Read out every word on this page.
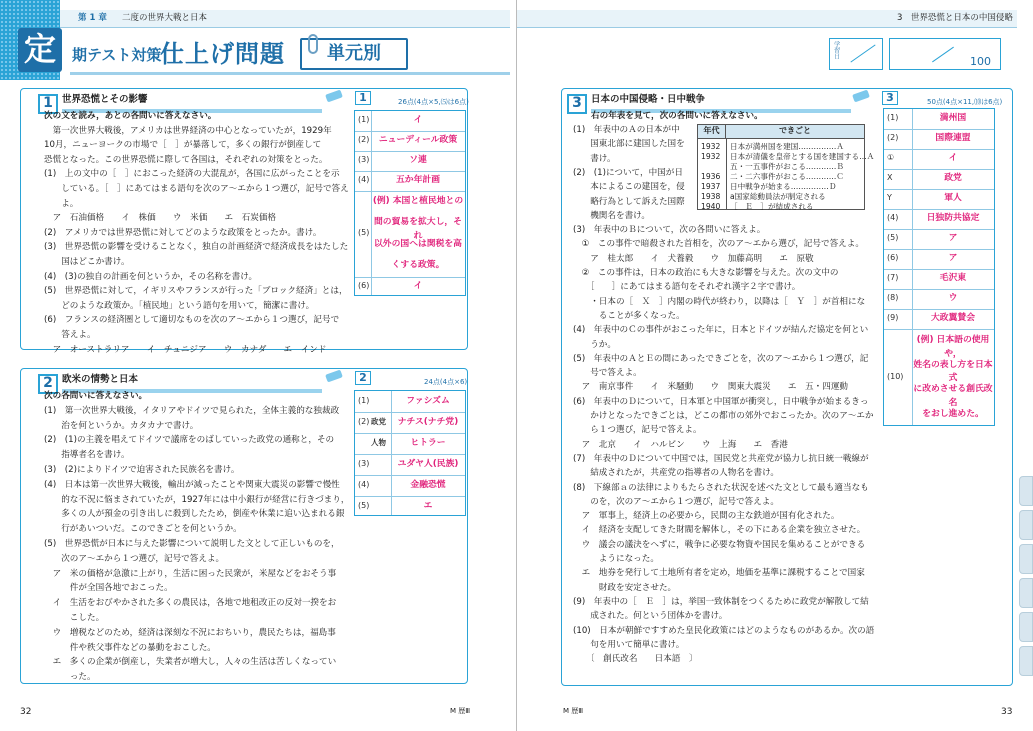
第 1 章 二度の世界大戦と日本
定	期テスト対策
仕上げ問題	単元別
1 世界恐慌とその影響
次の文を読み，あとの各問いに答えなさい。
　第一次世界大戦後，アメリカは世界経済の中心となっていたが，1929年
10月，ニューヨークの市場で［　］が暴落して，多くの銀行が倒産して
恐慌となった。この世界恐慌に際して各国は，それぞれの対策をとった。
(1)　上の文中の［　］におこった経済の大混乱が，各国に広がったことを示
　　している。［　］にあてはまる語句を次のア〜エから１つ選び，記号で答え
　　よ。
　ア　石油価格　　イ　株価　　ウ　米価　　エ　石炭価格
(2)　アメリカでは世界恐慌に対してどのような政策をとったか。書け。
(3)　世界恐慌の影響を受けることなく，独自の計画経済で経済成長をはたした
　　国はどこか書け。
(4)　(3)の独自の計画を何というか，その名称を書け。
(5)　世界恐慌に対して，イギリスやフランスが行った「ブロック経済」とは，
　　どのような政策か。「植民地」という語句を用いて，簡潔に書け。
(6)　フランスの経済圏として適切なものを次のア〜エから１つ選び，記号で
　　答えよ。
　ア　オーストラリア　　イ　チュニジア　　ウ　カナダ　　エ　インド
1	26点(4点×5,⑸は6点)
(1)	イ
(2)	ニューディール政策
(3)	ソ連
(4)	五か年計画
(5)
(例) 本国と植民地との
間の貿易を拡大し，それ
以外の国へは関税を高
くする政策。
(6)	イ
2 欧米の情勢と日本
次の各問いに答えなさい。
(1)　第一次世界大戦後，イタリアやドイツで見られた，全体主義的な独裁政
　　治を何というか。カタカナで書け。
(2)　(1)の主義を唱えてドイツで議席をのばしていった政党の通称と，その
　　指導者名を書け。
(3)　(2)によりドイツで迫害された民族名を書け。
(4)　日本は第一次世界大戦後，輸出が減ったことや関東大震災の影響で慢性
　　的な不況に悩まされていたが，1927年には中小銀行が経営に行きづまり，
　　多くの人が預金の引き出しに殺到したため，倒産や休業に追い込まれる銀
　　行があいついだ。このできごとを何というか。
(5)　世界恐慌が日本に与えた影響について説明した文として正しいものを，
　　次のア〜エから１つ選び，記号で答えよ。
　ア　米の価格が急激に上がり，生活に困った民衆が，米屋などをおそう事
　　　件が全国各地でおこった。
　イ　生活をおびやかされた多くの農民は，各地で地租改正の反対一揆をお
　　　こした。
　ウ　増税などのため，経済は深刻な不況におちいり，農民たちは，福島事
　　　件や秩父事件などの暴動をおこした。
　エ　多くの企業が倒産し，失業者が増大し，人々の生活は苦しくなってい
　　　った。
2	24点(4点×6)
(1)	ファシズム
(2) 政党	ナチス(ナチ党)
人物	ヒトラー
(3)	ユダヤ人(民族)
(4)	金融恐慌
(5)	エ
32	M 歴Ⅲ
3　世界恐慌と日本の中国侵略
学習日
100
3 日本の中国侵略・日中戦争
右の年表を見て，次の各問いに答えなさい。
(1)　年表中のＡの日本が中
　　国東北部に建国した国を
　　書け。
(2)　(1)について，中国が日
　　本によるこの建国を，侵
　　略行為として訴えた国際
　　機関名を書け。
(3)　年表中のＢについて，次の各問いに答えよ。
　①　この事件で暗殺された首相を，次のア〜エから選び，記号で答えよ。
　　ア　桂太郎　　イ　犬養毅　　ウ　加藤高明　　エ　原敬
　②　この事件は，日本の政治にも大きな影響を与えた。次の文中の
　　［　　］にあてはまる語句をそれぞれ漢字２字で書け。
　　・日本の［　Ｘ　］内閣の時代が終わり，以降は［　Ｙ　］が首相にな
　　　ることが多くなった。
(4)　年表中のＣの事件がおこった年に，日本とドイツが結んだ協定を何とい
　　うか。
(5)　年表中のＡとＥの間にあったできごとを，次のア〜エから１つ選び，記
　　号で答えよ。
　ア　南京事件　　イ　米騒動　　ウ　関東大震災　　エ　五・四運動
(6)　年表中のＤについて，日本軍と中国軍が衝突し，日中戦争が始まるきっ
　　かけとなったできごとは，どこの都市の郊外でおこったか。次のア〜エか
　　ら１つ選び，記号で答えよ。
　ア　北京　　イ　ハルビン　　ウ　上海　　エ　香港
(7)　年表中のＤについて中国では，国民党と共産党が協力し抗日統一戦線が
　　結成されたが，共産党の指導者の人物名を書け。
(8)　下線部ａの法律によりもたらされた状況を述べた文として最も適当なも
　　のを，次のア〜エから１つ選び，記号で答えよ。
　ア　軍事上，経済上の必要から，民間の主な鉄道が国有化された。
　イ　経済を支配してきた財閥を解体し，その下にある企業を独立させた。
　ウ　議会の議決をへずに，戦争に必要な物資や国民を集めることができる
　　　ようになった。
　エ　地券を発行して土地所有者を定め，地価を基準に課税することで国家
　　　財政を安定させた。
(9)　年表中の［　Ｅ　］は，挙国一致体制をつくるために政党が解散して結
　　成された。何という団体かを書け。
(10)　日本が朝鮮ですすめた皇民化政策にはどのようなものがあるか。次の語
　　句を用いて簡単に書け。
　　〔　創氏改名　　日本語　〕
年代	できごと
1932	日本が満州国を建国……………Ａ
1932	日本が清儀を皇帝とする国を建国する…Ａ
五・一五事件がおこる…………Ｂ
1936	二・二六事件がおこる…………Ｃ
1937	日中戦争が始まる……………Ｄ
1938	a国家総動員法が制定される
1940	［　Ｅ　］が結成される
3	50点(4点×11,⑽は6点)
(1)	満州国
(2)	国際連盟
①	イ
X	政党
Y	軍人
(4)	日独防共協定
(5)	ア
(6)	ア
(7)	毛沢東
(8)	ウ
(9)	大政翼賛会
(10)
(例) 日本語の使用や，
姓名の表し方を日本式
に改めさせる創氏改名
をおし進めた。
M 歴Ⅲ	33
